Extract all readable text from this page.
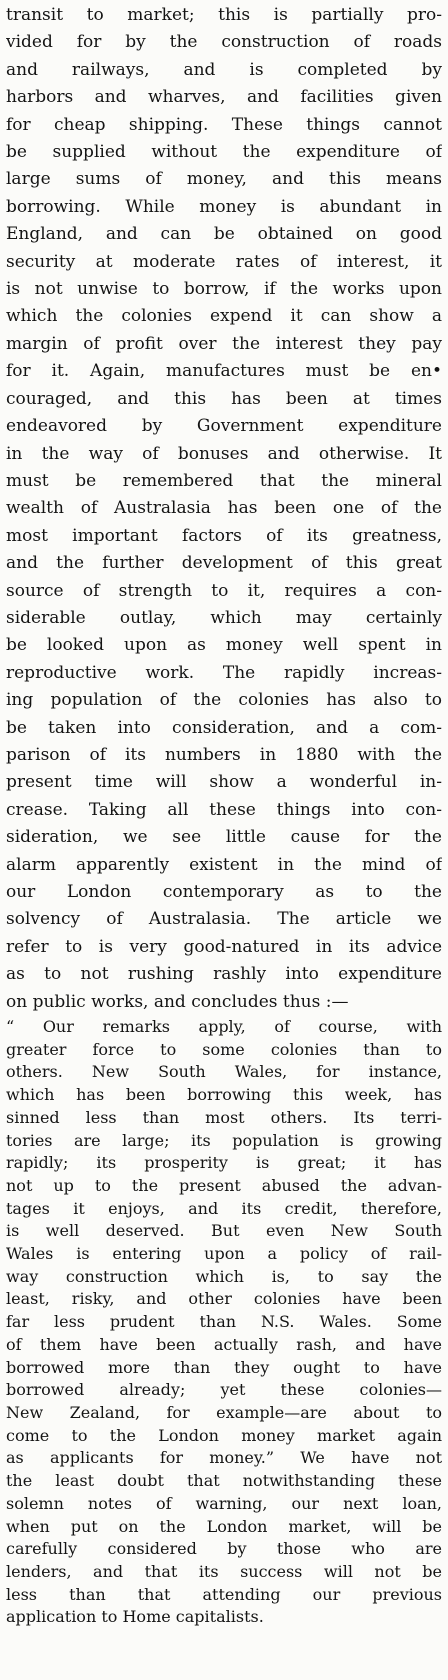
transit to market; this is partially pro-
vided for by the construction of roads
and railways, and is completed by
harbors and wharves, and facilities given
for cheap shipping. These things cannot
be supplied without the expenditure of
large sums of money, and this means
borrowing. While money is abundant in
England, and can be obtained on good
security at moderate rates of interest, it
is not unwise to borrow, if the works upon
which the colonies expend it can show a
margin of profit over the interest they pay
for it. Again, manufactures must be en•
couraged, and this has been at times
endeavored by Government expenditure
in the way of bonuses and otherwise. It
must be remembered that the mineral
wealth of Australasia has been one of the
most important factors of its greatness,
and the further development of this great
source of strength to it, requires a con-
siderable outlay, which may certainly
be looked upon as money well spent in
reproductive work. The rapidly increas-
ing population of the colonies has also to
be taken into consideration, and a com-
parison of its numbers in 1880 with the
present time will show a wonderful in-
crease. Taking all these things into con-
sideration, we see little cause for the
alarm apparently existent in the mind of
our London contemporary as to the
solvency of Australasia. The article we
refer to is very good-natured in its advice
as to not rushing rashly into expenditure
on public works, and concludes thus :—
“ Our remarks apply, of course, with
greater force to some colonies than to
others. New South Wales, for instance,
which has been borrowing this week, has
sinned less than most others. Its terri-
tories are large; its population is growing
rapidly; its prosperity is great; it has
not up to the present abused the advan-
tages it enjoys, and its credit, therefore,
is well deserved. But even New South
Wales is entering upon a policy of rail-
way construction which is, to say the
least, risky, and other colonies have been
far less prudent than N.S. Wales. Some
of them have been actually rash, and have
borrowed more than they ought to have
borrowed already; yet these colonies—
New Zealand, for example—are about to
come to the London money market again
as applicants for money.” We have not
the least doubt that notwithstanding these
solemn notes of warning, our next loan,
when put on the London market, will be
carefully considered by those who are
lenders, and that its success will not be
less than that attending our previous
application to Home capitalists.
